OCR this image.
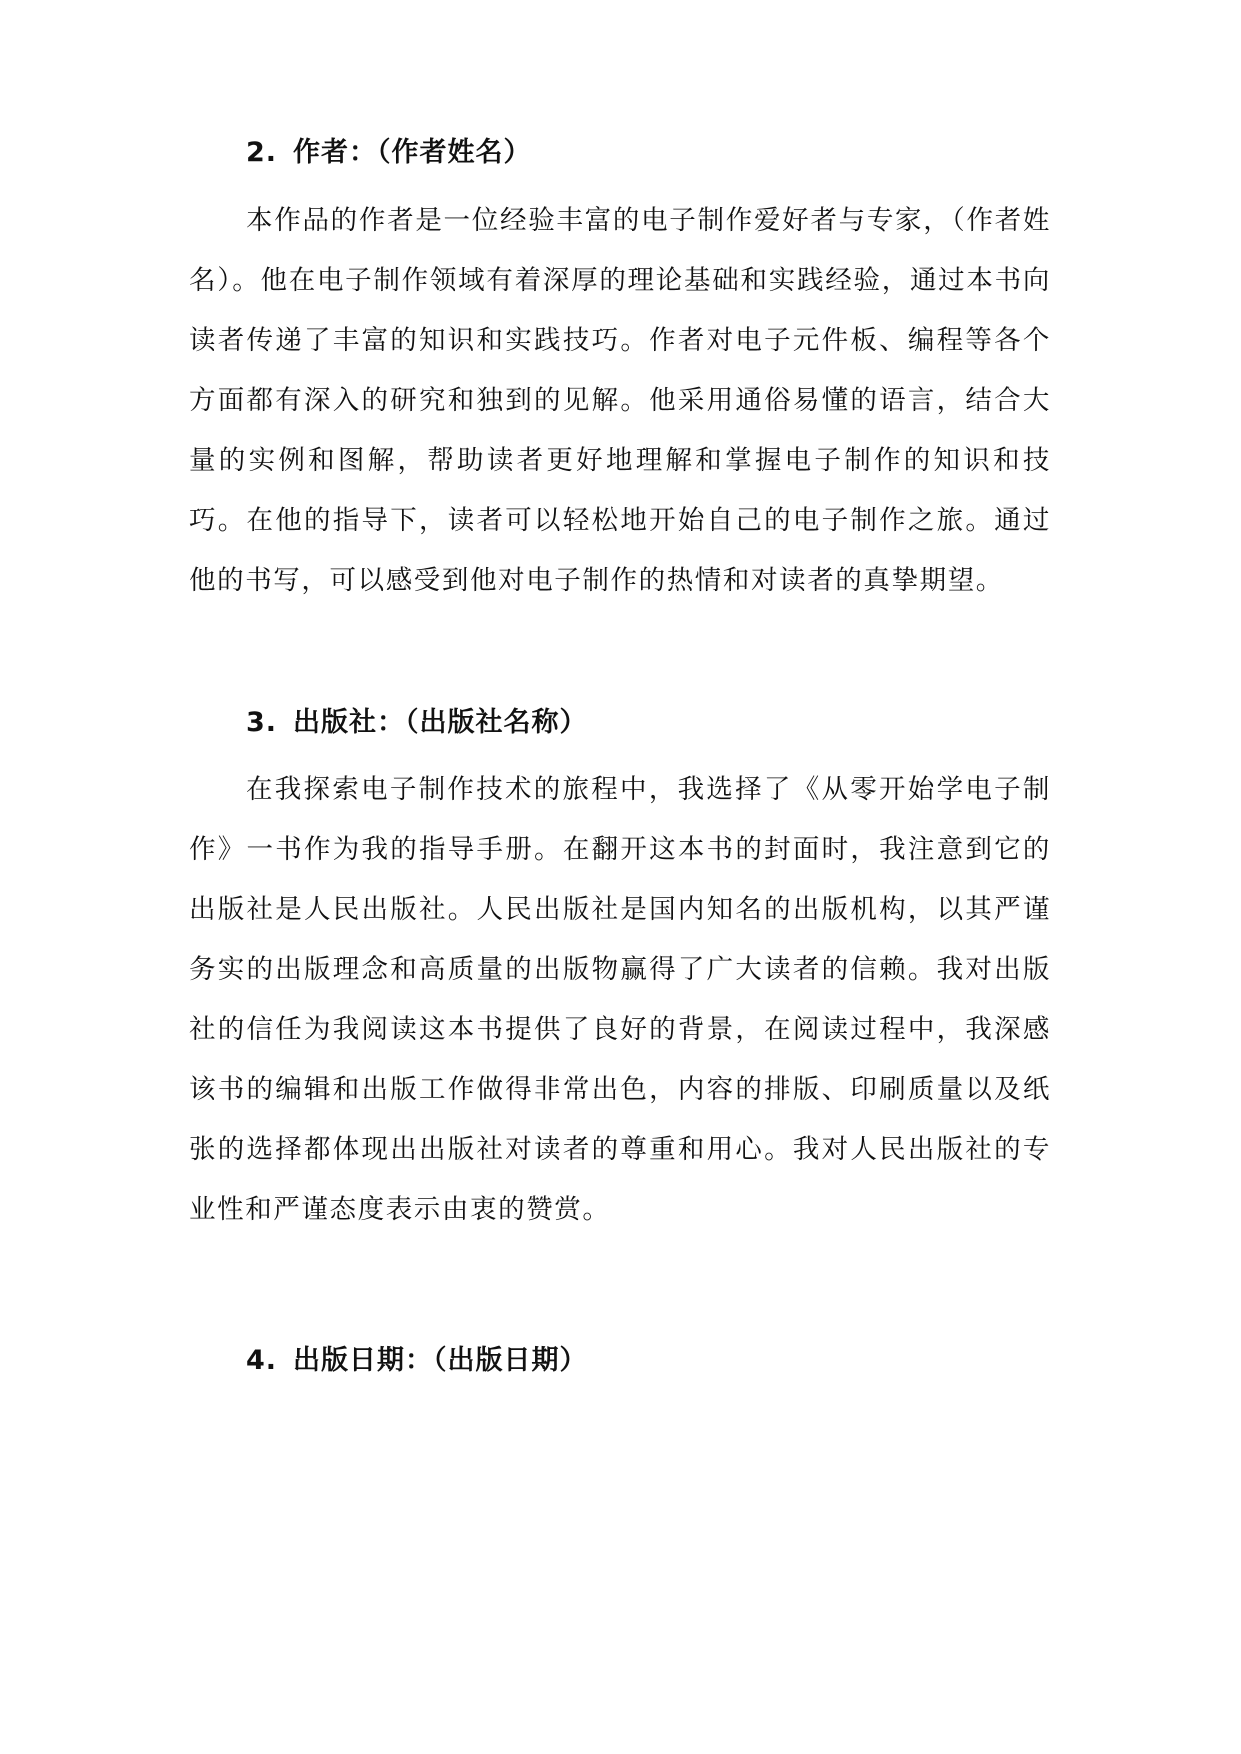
2. 作者：（作者姓名）

本作品的作者是一位经验丰富的电子制作爱好者与专家，（作者姓名）。他在电子制作领域有着深厚的理论基础和实践经验，通过本书向读者传递了丰富的知识和实践技巧。作者对电子元件板、编程等各个方面都有深入的研究和独到的见解。他采用通俗易懂的语言，结合大量的实例和图解，帮助读者更好地理解和掌握电子制作的知识和技巧。在他的指导下，读者可以轻松地开始自己的电子制作之旅。通过他的书写，可以感受到他对电子制作的热情和对读者的真挚期望。

3. 出版社：（出版社名称）

在我探索电子制作技术的旅程中，我选择了《从零开始学电子制作》一书作为我的指导手册。在翻开这本书的封面时，我注意到它的出版社是人民出版社。人民出版社是国内知名的出版机构，以其严谨务实的出版理念和高质量的出版物赢得了广大读者的信赖。我对出版社的信任为我阅读这本书提供了良好的背景，在阅读过程中，我深感该书的编辑和出版工作做得非常出色，内容的排版、印刷质量以及纸张的选择都体现出出版社对读者的尊重和用心。我对人民出版社的专业性和严谨态度表示由衷的赞赏。

4. 出版日期：（出版日期）
